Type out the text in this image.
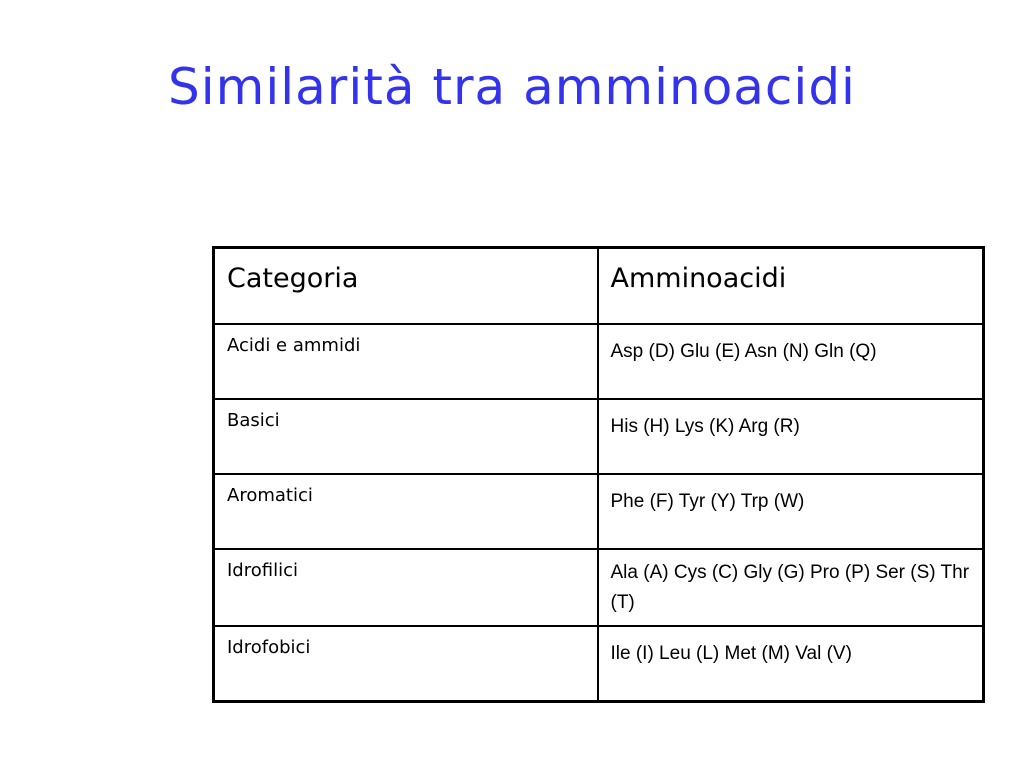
Similarità tra amminoacidi
Categoria	Amminoacidi
Acidi e ammidi	Asp (D) Glu (E) Asn (N) Gln (Q)
Basici	His (H) Lys (K) Arg (R)
Aromatici	Phe (F) Tyr (Y) Trp (W)
Idrofilici	Ala (A) Cys (C) Gly (G) Pro (P) Ser (S) Thr (T)
Idrofobici	Ile (I) Leu (L) Met (M) Val (V)
